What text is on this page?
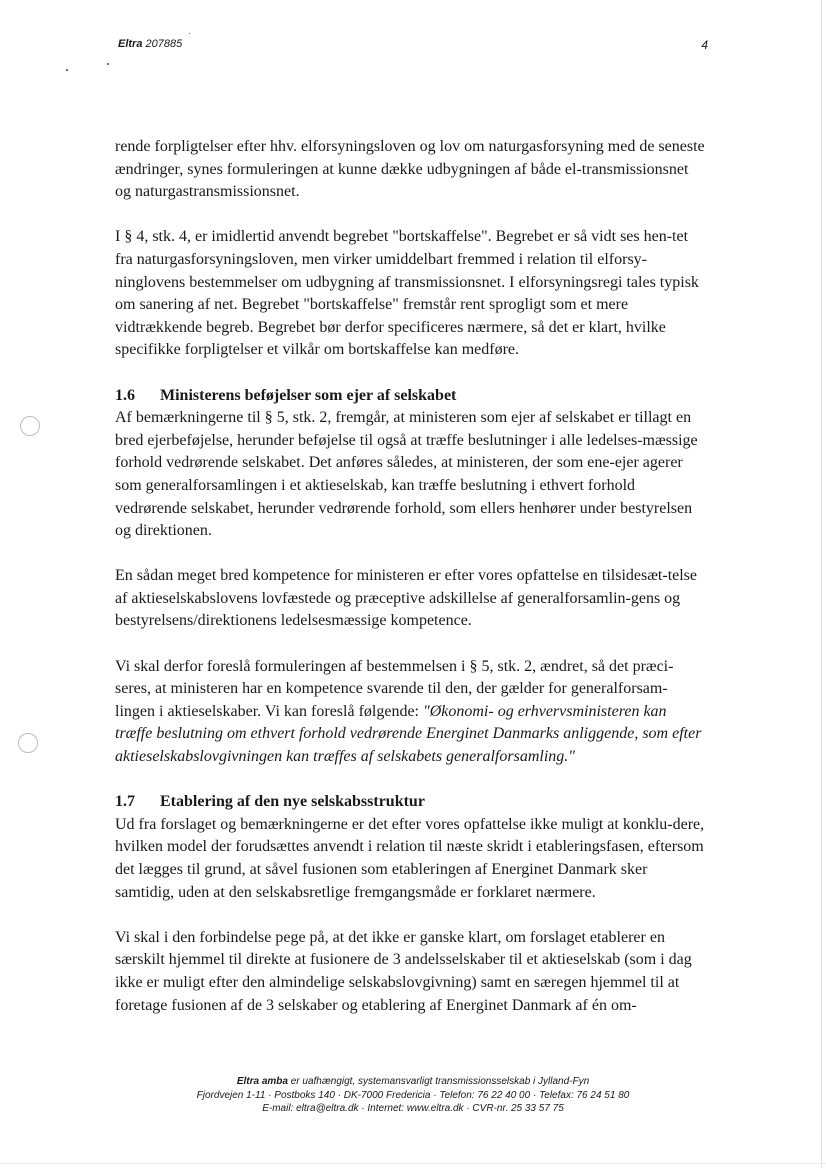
Eltra 207885	4

rende forpligtelser efter hhv. elforsyningsloven og lov om naturgasforsyning med de seneste ændringer, synes formuleringen at kunne dække udbygningen af både el-transmissionsnet og naturgastransmissionsnet.

I § 4, stk. 4, er imidlertid anvendt begrebet "bortskaffelse". Begrebet er så vidt ses hen-tet fra naturgasforsyningsloven, men virker umiddelbart fremmed i relation til elforsy-ninglovens bestemmelser om udbygning af transmissionsnet. I elforsyningsregi tales typisk om sanering af net. Begrebet "bortskaffelse" fremstår rent sprogligt som et mere vidtrækkende begreb. Begrebet bør derfor specificeres nærmere, så det er klart, hvilke specifikke forpligtelser et vilkår om bortskaffelse kan medføre.

1.6 Ministerens beføjelser som ejer af selskabet

Af bemærkningerne til § 5, stk. 2, fremgår, at ministeren som ejer af selskabet er tillagt en bred ejerbeføjelse, herunder beføjelse til også at træffe beslutninger i alle ledelses-mæssige forhold vedrørende selskabet. Det anføres således, at ministeren, der som ene-ejer agerer som generalforsamlingen i et aktieselskab, kan træffe beslutning i ethvert forhold vedrørende selskabet, herunder vedrørende forhold, som ellers henhører under bestyrelsen og direktionen.

En sådan meget bred kompetence for ministeren er efter vores opfattelse en tilsidesæt-telse af aktieselskabslovens lovfæstede og præceptive adskillelse af generalforsamlin-gens og bestyrelsens/direktionens ledelsesmæssige kompetence.

Vi skal derfor foreslå formuleringen af bestemmelsen i § 5, stk. 2, ændret, så det præci-seres, at ministeren har en kompetence svarende til den, der gælder for generalforsam-lingen i aktieselskaber. Vi kan foreslå følgende: "Økonomi- og erhvervsministeren kan træffe beslutning om ethvert forhold vedrørende Energinet Danmarks anliggende, som efter aktieselskabslovgivningen kan træffes af selskabets generalforsamling."

1.7 Etablering af den nye selskabsstruktur

Ud fra forslaget og bemærkningerne er det efter vores opfattelse ikke muligt at konklu-dere, hvilken model der forudsættes anvendt i relation til næste skridt i etableringsfasen, eftersom det lægges til grund, at såvel fusionen som etableringen af Energinet Danmark sker samtidig, uden at den selskabsretlige fremgangsmåde er forklaret nærmere.

Vi skal i den forbindelse pege på, at det ikke er ganske klart, om forslaget etablerer en særskilt hjemmel til direkte at fusionere de 3 andelsselskaber til et aktieselskab (som i dag ikke er muligt efter den almindelige selskabslovgivning) samt en særegen hjemmel til at foretage fusionen af de 3 selskaber og etablering af Energinet Danmark af én om-

Eltra amba er uafhængigt, systemansvarligt transmissionsselskab i Jylland-Fyn
Fjordvejen 1-11 · Postboks 140 · DK-7000 Fredericia · Telefon: 76 22 40 00 · Telefax: 76 24 51 80
E-mail: eltra@eltra.dk · Internet: www.eltra.dk · CVR-nr. 25 33 57 75
